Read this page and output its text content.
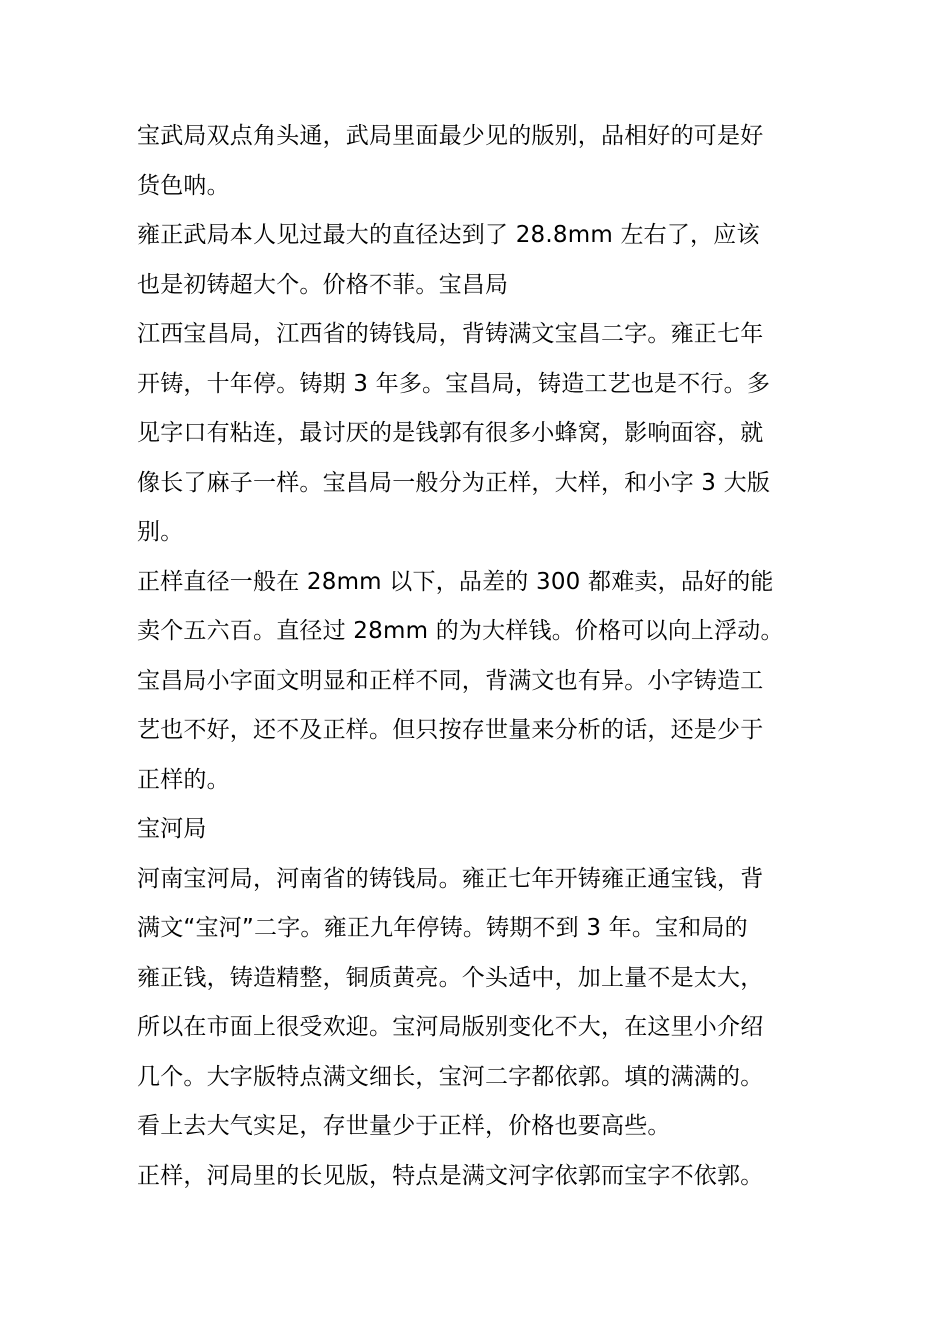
宝武局双点角头通，武局里面最少见的版别，品相好的可是好
货色呐。

雍正武局本人见过最大的直径达到了 28.8mm 左右了，应该
也是初铸超大个。价格不菲。宝昌局

江西宝昌局，江西省的铸钱局，背铸满文宝昌二字。雍正七年
开铸，十年停。铸期 3 年多。宝昌局，铸造工艺也是不行。多
见字口有粘连，最讨厌的是钱郭有很多小蜂窝，影响面容，就
像长了麻子一样。宝昌局一般分为正样，大样，和小字 3 大版
别。

正样直径一般在 28mm 以下，品差的 300 都难卖，品好的能
卖个五六百。直径过 28mm 的为大样钱。价格可以向上浮动。
宝昌局小字面文明显和正样不同，背满文也有异。小字铸造工
艺也不好，还不及正样。但只按存世量来分析的话，还是少于
正样的。

宝河局

河南宝河局，河南省的铸钱局。雍正七年开铸雍正通宝钱，背
满文“宝河”二字。雍正九年停铸。铸期不到 3 年。宝和局的
雍正钱，铸造精整，铜质黄亮。个头适中，加上量不是太大，
所以在市面上很受欢迎。宝河局版别变化不大，在这里小介绍
几个。大字版特点满文细长，宝河二字都依郭。填的满满的。
看上去大气实足，存世量少于正样，价格也要高些。

正样，河局里的长见版，特点是满文河字依郭而宝字不依郭。
